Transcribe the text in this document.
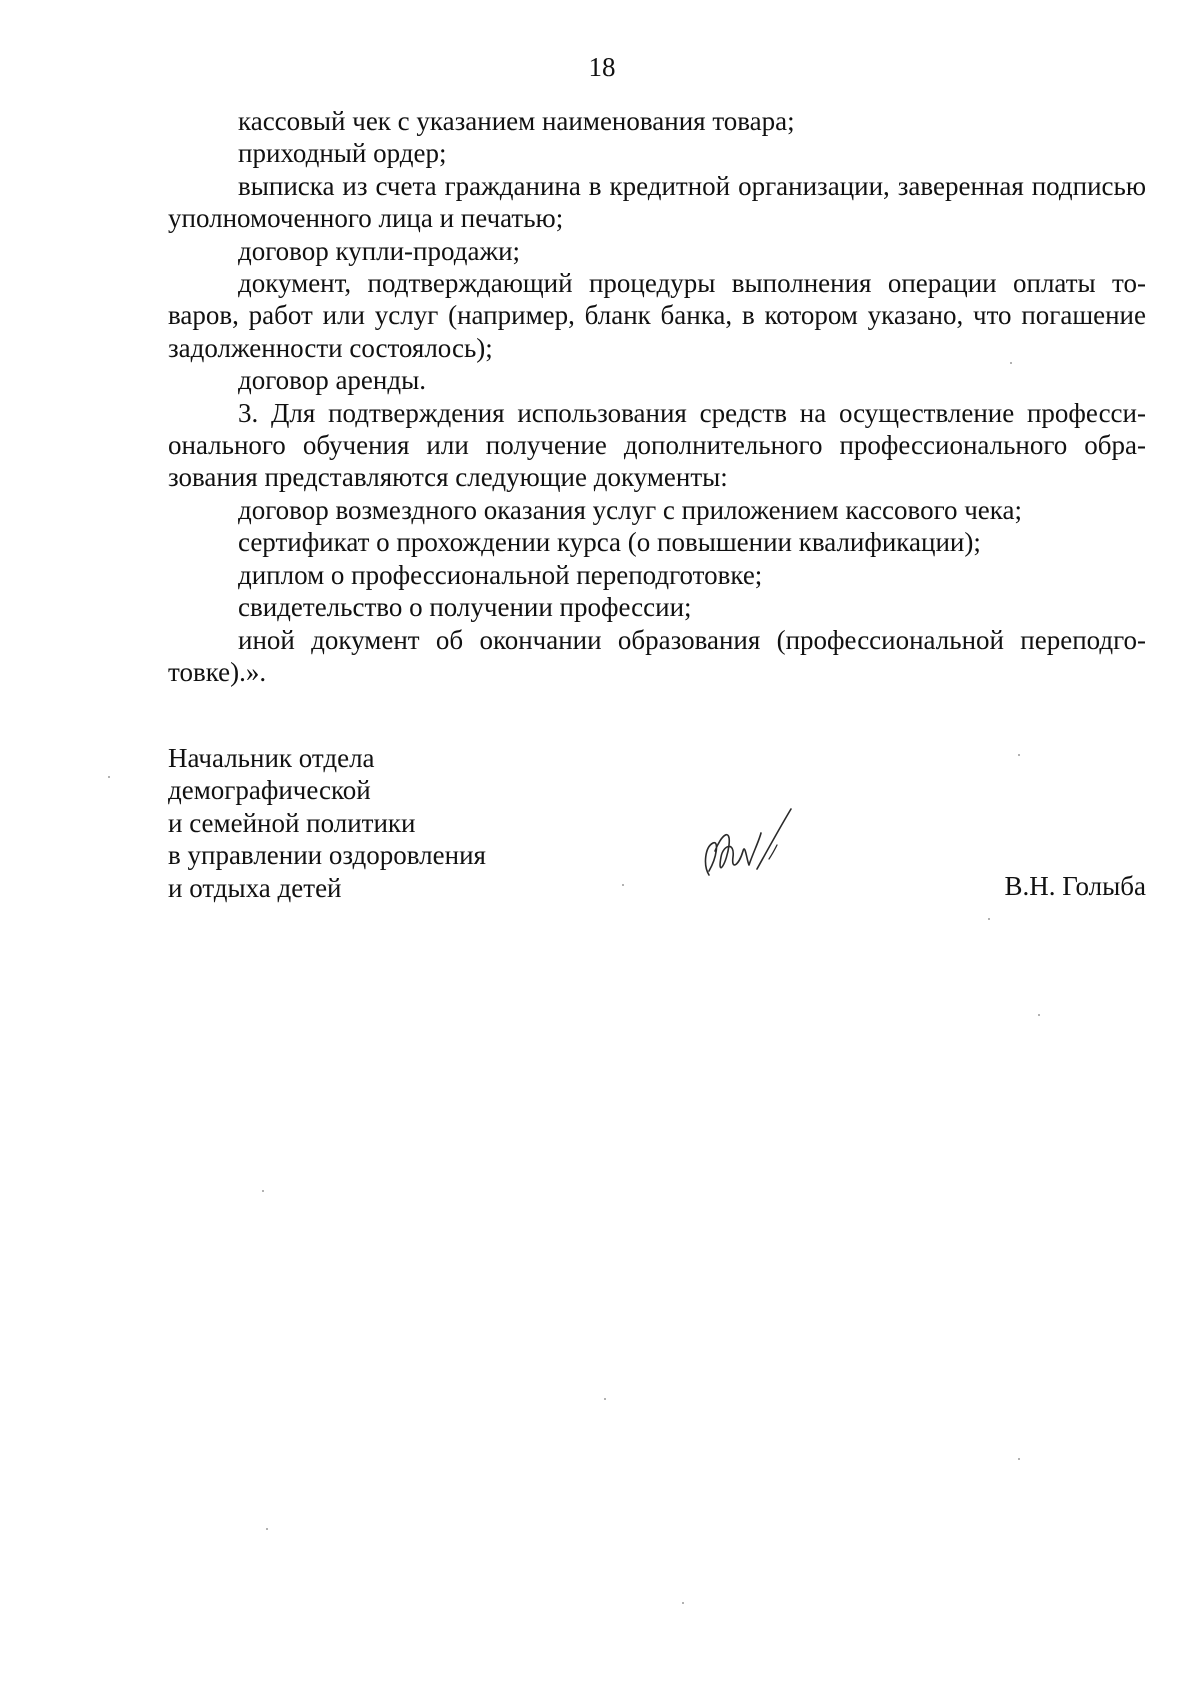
18

кассовый чек с указанием наименования товара;

приходный ордер;

выписка из счета гражданина в кредитной организации, заверенная подписью уполномоченного лица и печатью;

договор купли-продажи;

документ, подтверждающий процедуры выполнения операции оплаты товаров, работ или услуг (например, бланк банка, в котором указано, что погашение задолженности состоялось);

договор аренды.

3. Для подтверждения использования средств на осуществление профессионального обучения или получение дополнительного профессионального образования представляются следующие документы:

договор возмездного оказания услуг с приложением кассового чека;

сертификат о прохождении курса (о повышении квалификации);

диплом о профессиональной переподготовке;

свидетельство о получении профессии;

иной документ об окончании образования (профессиональной переподготовке).».

Начальник отдела
демографической
и семейной политики
в управлении оздоровления
и отдыха детей	В.Н. Голыба
